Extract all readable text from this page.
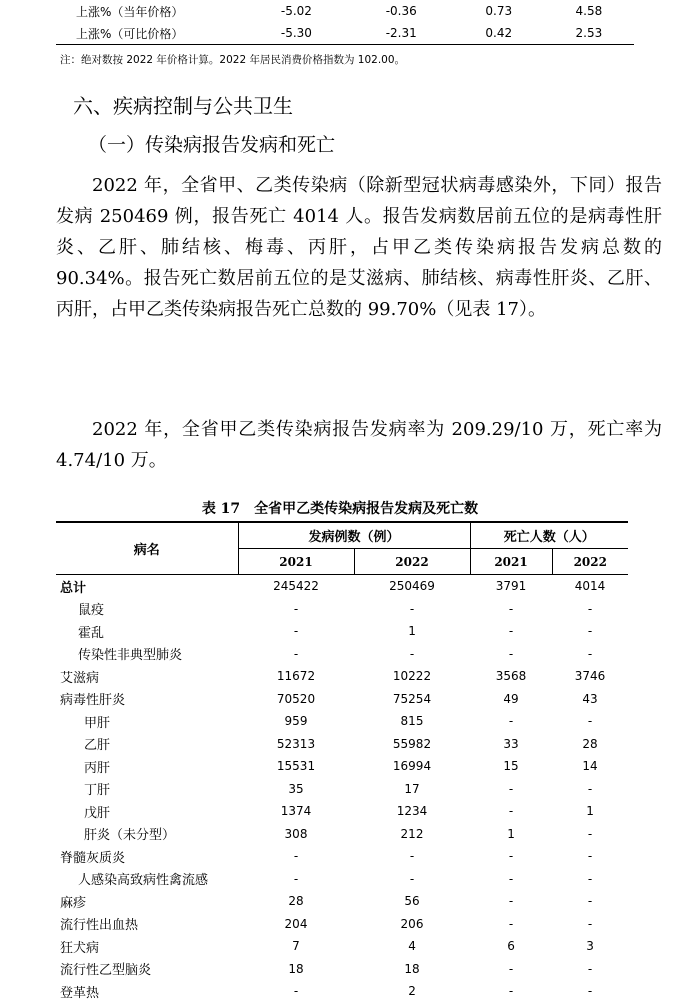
上涨%（当年价格）	-5.02	-0.36	0.73	4.58
上涨%（可比价格）	-5.30	-2.31	0.42	2.53
注：绝对数按 2022 年价格计算。2022 年居民消费价格指数为 102.00。
六、疾病控制与公共卫生
（一）传染病报告发病和死亡

2022 年，全省甲、乙类传染病（除新型冠状病毒感染外，下同）报告发病 250469 例，报告死亡 4014 人。报告发病数居前五位的是病毒性肝炎、乙肝、肺结核、梅毒、丙肝，占甲乙类传染病报告发病总数的 90.34%。报告死亡数居前五位的是艾滋病、肺结核、病毒性肝炎、乙肝、丙肝，占甲乙类传染病报告死亡总数的 99.70%（见表 17）。

2022 年，全省甲乙类传染病报告发病率为 209.29/10 万，死亡率为 4.74/10 万。

表 17　全省甲乙类传染病报告发病及死亡数
病名	发病例数（例）		死亡人数（人）	
	2021	2022	2021	2022
总计	245422	250469	3791	4014
鼠疫	-	-	-	-
霍乱	-	1	-	-
传染性非典型肺炎	-	-	-	-
艾滋病	11672	10222	3568	3746
病毒性肝炎	70520	75254	49	43
甲肝	959	815	-	-
乙肝	52313	55982	33	28
丙肝	15531	16994	15	14
丁肝	35	17	-	-
戊肝	1374	1234	-	1
肝炎（未分型）	308	212	1	-
脊髓灰质炎	-	-	-	-
人感染高致病性禽流感	-	-	-	-
麻疹	28	56	-	-
流行性出血热	204	206	-	-
狂犬病	7	4	6	3
流行性乙型脑炎	18	18	-	-
登革热	-	2	-	-
